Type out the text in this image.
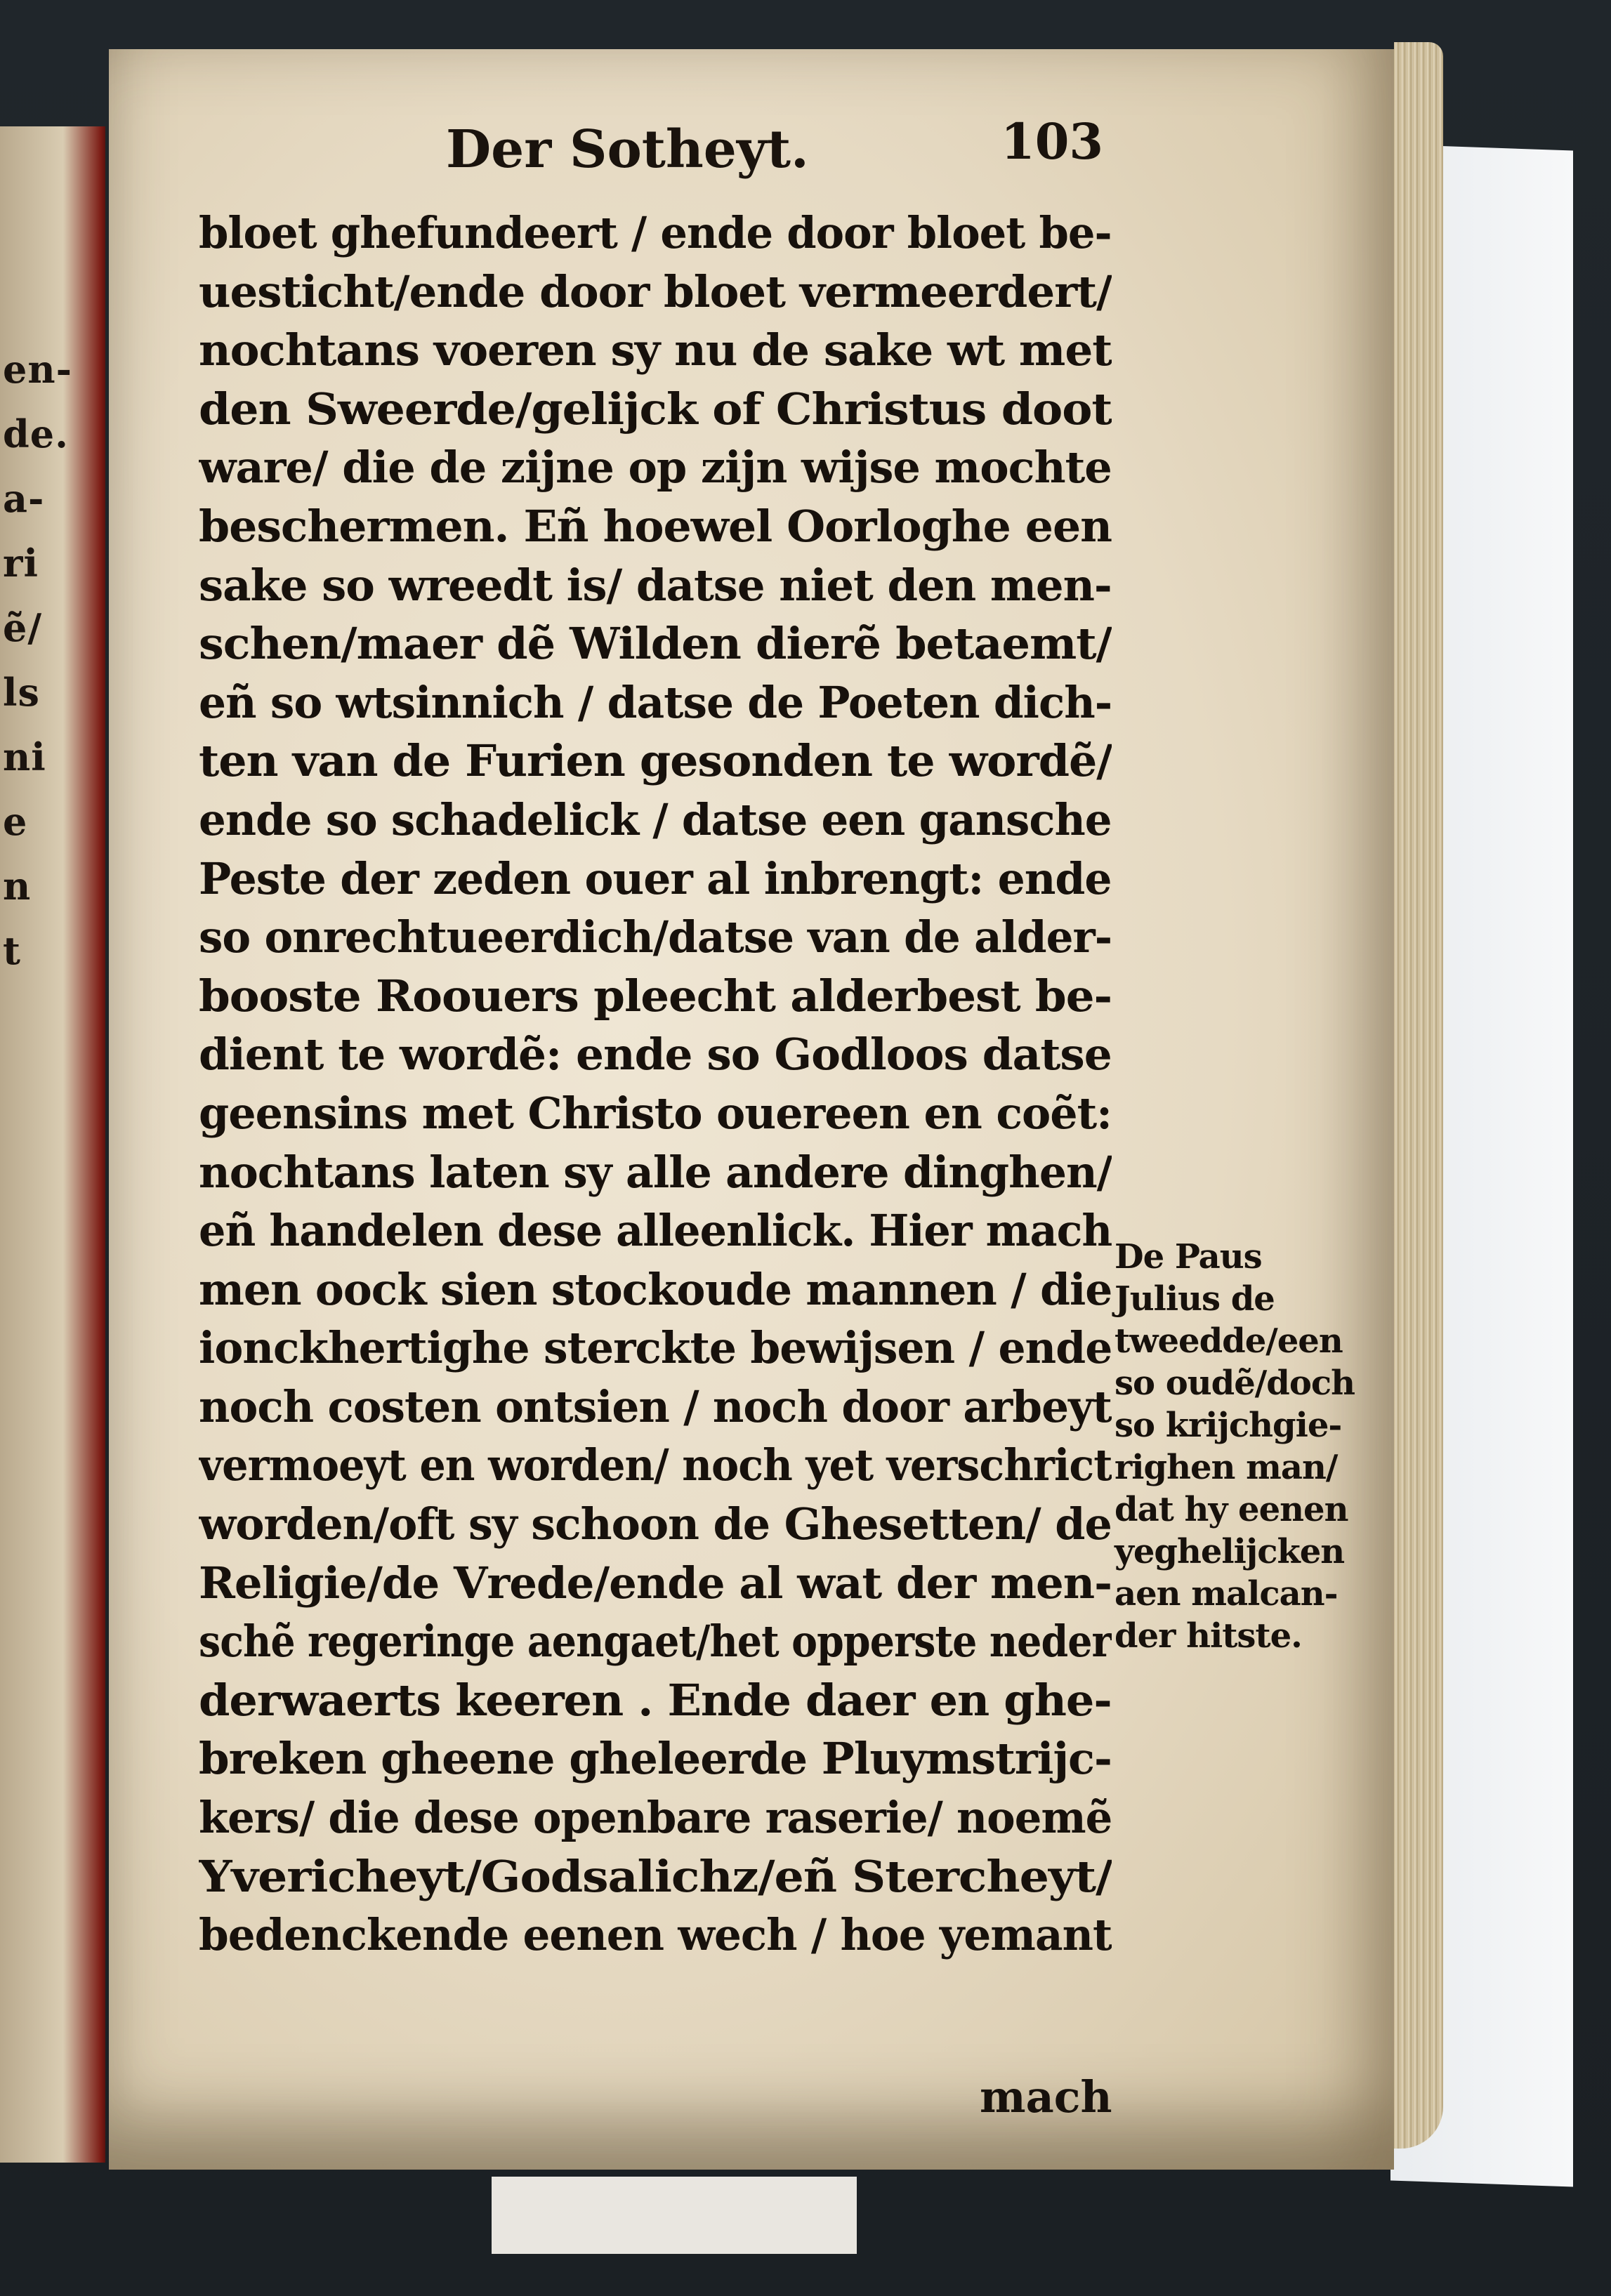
en-
de.
a-
ri
ẽ/
ls
ni
e
n
t
Der Sotheyt.	103
bloet ghefundeert / ende door bloet be-
uesticht/ende door bloet vermeerdert/
nochtans voeren sy nu de sake wt met
den Sweerde/gelijck of Christus doot
ware/ die de zijne op zijn wijse mochte
beschermen. Eñ hoewel Oorloghe een
sake so wreedt is/ datse niet den men-
schen/maer dẽ Wilden dierẽ betaemt/
eñ so wtsinnich / datse de Poeten dich-
ten van de Furien gesonden te wordẽ/
ende so schadelick / datse een gansche
Peste der zeden ouer al inbrengt: ende
so onrechtueerdich/datse van de alder-
booste Roouers pleecht alderbest be-
dient te wordẽ: ende so Godloos datse
geensins met Christo ouereen en coẽt:
nochtans laten sy alle andere dinghen/
eñ handelen dese alleenlick. Hier mach
men oock sien stockoude mannen / die
ionckhertighe sterckte bewijsen / ende
noch costen ontsien / noch door arbeyt
vermoeyt en worden/ noch yet verschrict
worden/oft sy schoon de Ghesetten/ de
Religie/de Vrede/ende al wat der men-
schẽ regeringe aengaet/het opperste neder
derwaerts keeren . Ende daer en ghe-
breken gheene gheleerde Pluymstrijc-
kers/ die dese openbare raserie/ noemẽ
Yvericheyt/Godsalichz/eñ Stercheyt/
bedenckende eenen wech / hoe yemant
De Paus
Julius de
tweedde/een
so oudẽ/doch
so krijchgie-
righen man/
dat hy eenen
yeghelijcken
aen malcan-
der hitste.
mach
